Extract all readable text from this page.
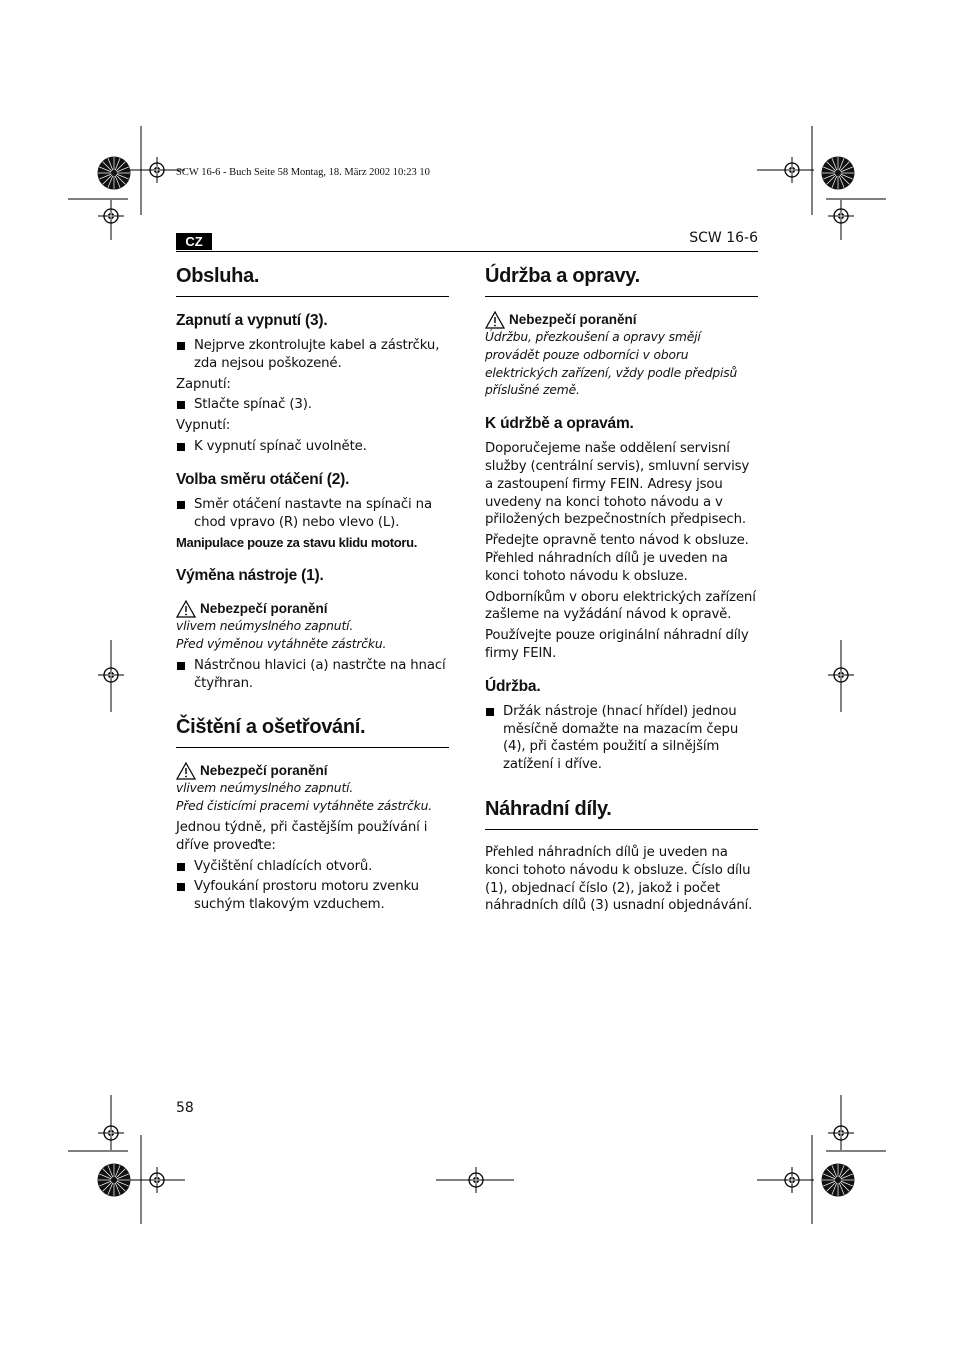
SCW 16-6 - Buch Seite 58 Montag, 18. März 2002 10:23 10
CZ	SCW 16-6
Obsluha.
Zapnutí a vypnutí (3).
Nejprve zkontrolujte kabel a zástrčku, zda nejsou poškozené.

Zapnutí:

Stlačte spínač (3).

Vypnutí:

K vypnutí spínač uvolněte.
Volba směru otáčení (2).
Směr otáčení nastavte na spínači na chod vpravo (R) nebo vlevo (L).

Manipulace pouze za stavu klidu motoru.

Výměna nástroje (1).
Nebezpečí poranění
vlivem neúmyslného zapnutí.
Před výměnou vytáhněte zástrčku.
Nástrčnou hlavici (a) nastrčte na hnací čtyřhran.
Čištění a ošetřování.
Nebezpečí poranění
vlivem neúmyslného zapnutí.
Před čisticími pracemi vytáhněte zástrčku.

Jednou týdně, při častějším používání i dříve proveďte:

Vyčištění chladících otvorů.
Vyfoukání prostoru motoru zvenku suchým tlakovým vzduchem.
Údržba a opravy.
Nebezpečí poranění
Údržbu, přezkoušení a opravy smějí provádět pouze odborníci v oboru elektrických zařízení, vždy podle předpisů příslušné země.
K údržbě a opravám.

Doporučejeme naše oddělení servisní služby (centrální servis), smluvní servisy a zastoupení firmy FEIN. Adresy jsou uvedeny na konci tohoto návodu a v přiložených bezpečnostních předpisech.

Předejte opravně tento návod k obsluze. Přehled náhradních dílů je uveden na konci tohoto návodu k obsluze.

Odborníkům v oboru elektrických zařízení zašleme na vyžádání návod k opravě.

Používejte pouze originální náhradní díly firmy FEIN.

Údržba.
Držák nástroje (hnací hřídel) jednou měsíčně domažte na mazacím čepu (4), při častém použití a silnějším zatížení i dříve.
Náhradní díly.

Přehled náhradních dílů je uveden na konci tohoto návodu k obsluze. Číslo dílu (1), objednací číslo (2), jakož i počet náhradních dílů (3) usnadní objednávání.

58
